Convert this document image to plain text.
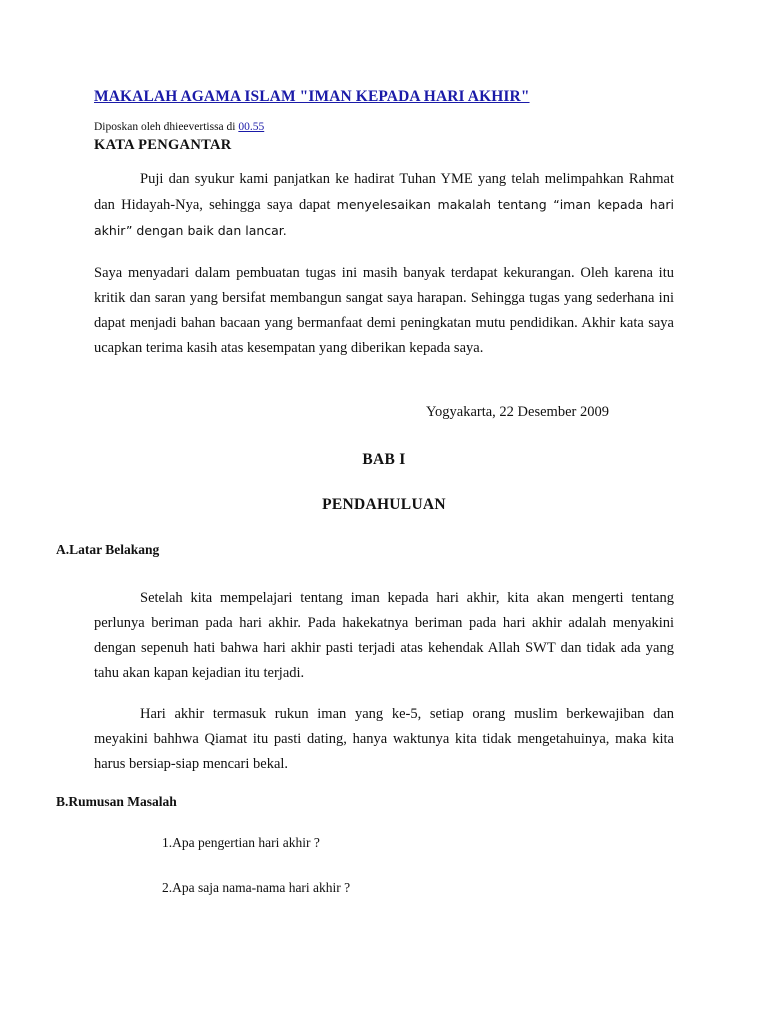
MAKALAH AGAMA ISLAM "IMAN KEPADA HARI AKHIR"
Diposkan oleh dhieevertissa di 00.55
KATA PENGANTAR

Puji dan syukur kami panjatkan ke hadirat Tuhan YME yang telah melimpahkan Rahmat dan Hidayah-Nya, sehingga saya dapat menyelesaikan makalah tentang “iman kepada hari akhir” dengan baik dan lancar.

Saya menyadari dalam pembuatan tugas ini masih banyak terdapat kekurangan. Oleh karena itu kritik dan saran yang bersifat membangun sangat saya harapan. Sehingga tugas yang sederhana ini dapat menjadi bahan bacaan yang bermanfaat demi peningkatan mutu pendidikan. Akhir kata saya ucapkan terima kasih atas kesempatan yang diberikan kepada saya.

Yogyakarta, 22 Desember 2009
BAB I
PENDAHULUAN
A.Latar Belakang

Setelah kita mempelajari tentang iman kepada hari akhir, kita akan mengerti tentang perlunya beriman pada hari akhir. Pada hakekatnya beriman pada hari akhir adalah menyakini dengan sepenuh hati bahwa hari akhir pasti terjadi atas kehendak Allah SWT dan tidak ada yang tahu akan kapan kejadian itu terjadi.

Hari akhir termasuk rukun iman yang ke-5, setiap orang muslim berkewajiban dan meyakini bahhwa Qiamat itu pasti dating, hanya waktunya kita tidak mengetahuinya, maka kita harus bersiap-siap mencari bekal.

B.Rumusan Masalah
1.Apa pengertian hari akhir ?
2.Apa saja nama-nama hari akhir ?
